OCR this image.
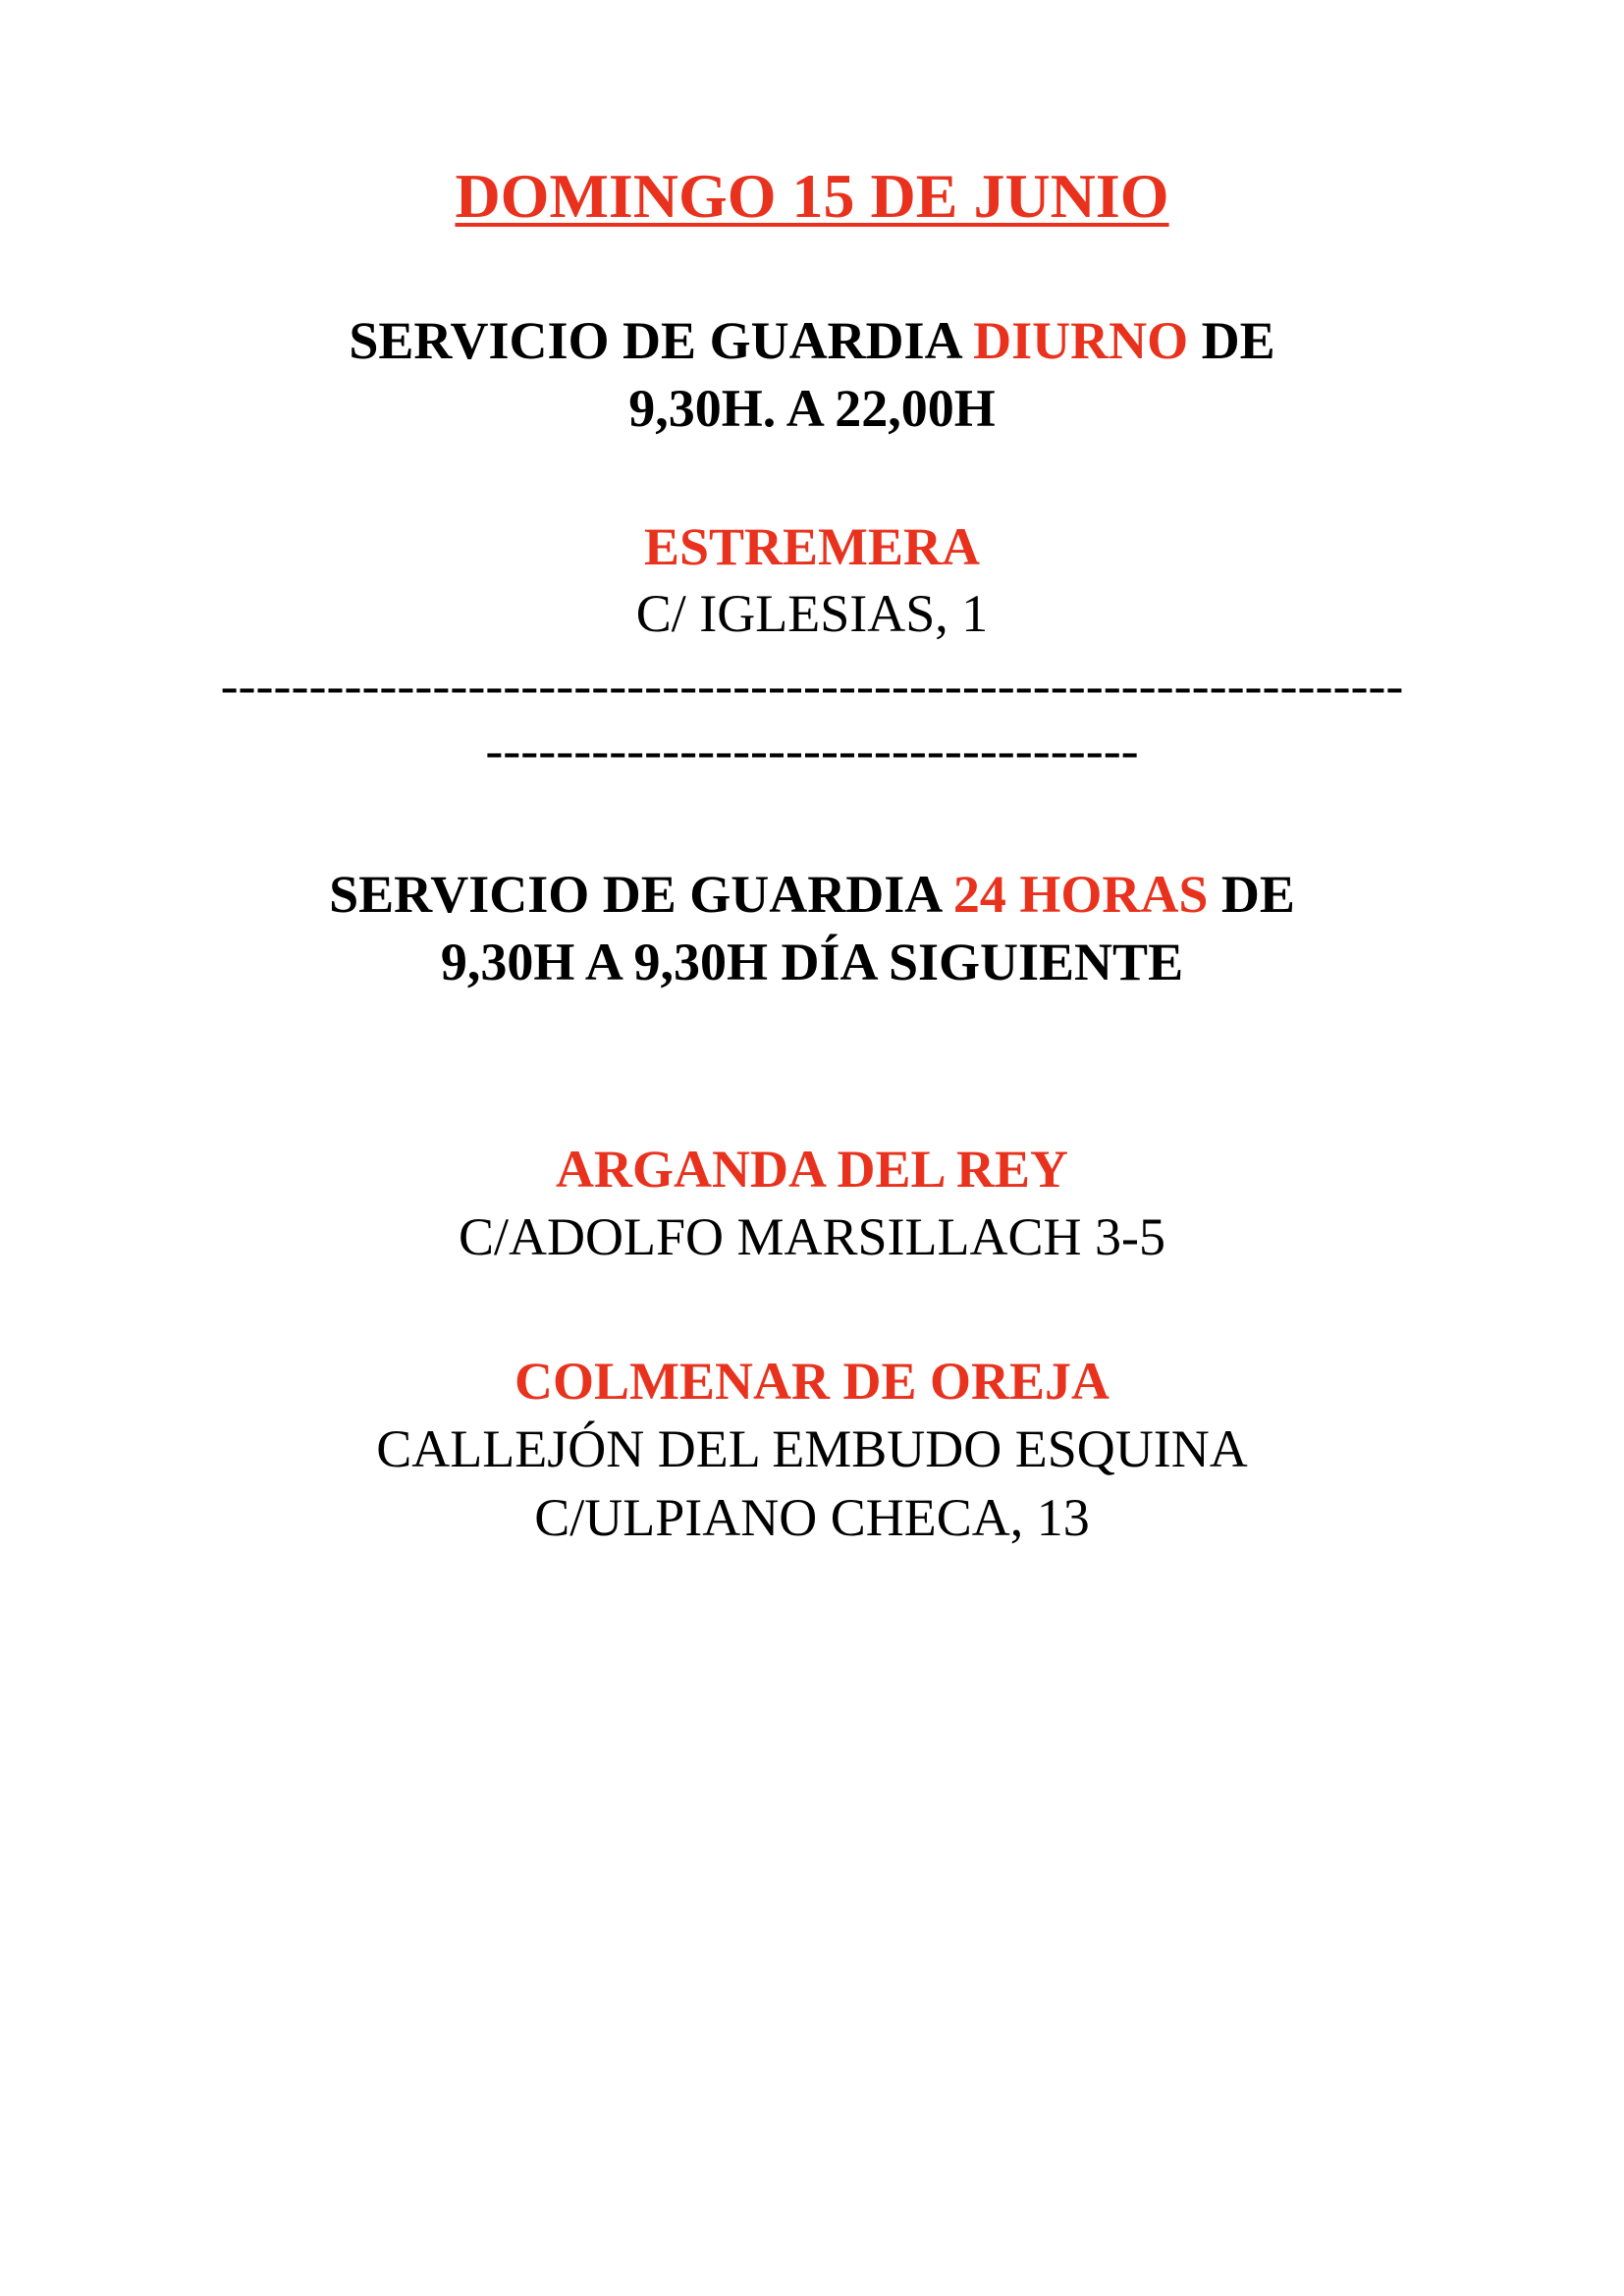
DOMINGO 15 DE JUNIO
SERVICIO DE GUARDIA DIURNO DE
9,30H. A 22,00H
ESTREMERA
C/ IGLESIAS, 1
-------------------------------------------------------------------
-------------------------------------
SERVICIO DE GUARDIA 24 HORAS DE
9,30H A 9,30H DÍA SIGUIENTE
ARGANDA DEL REY
C/ADOLFO MARSILLACH 3-5
COLMENAR DE OREJA
CALLEJÓN DEL EMBUDO ESQUINA
C/ULPIANO CHECA, 13
